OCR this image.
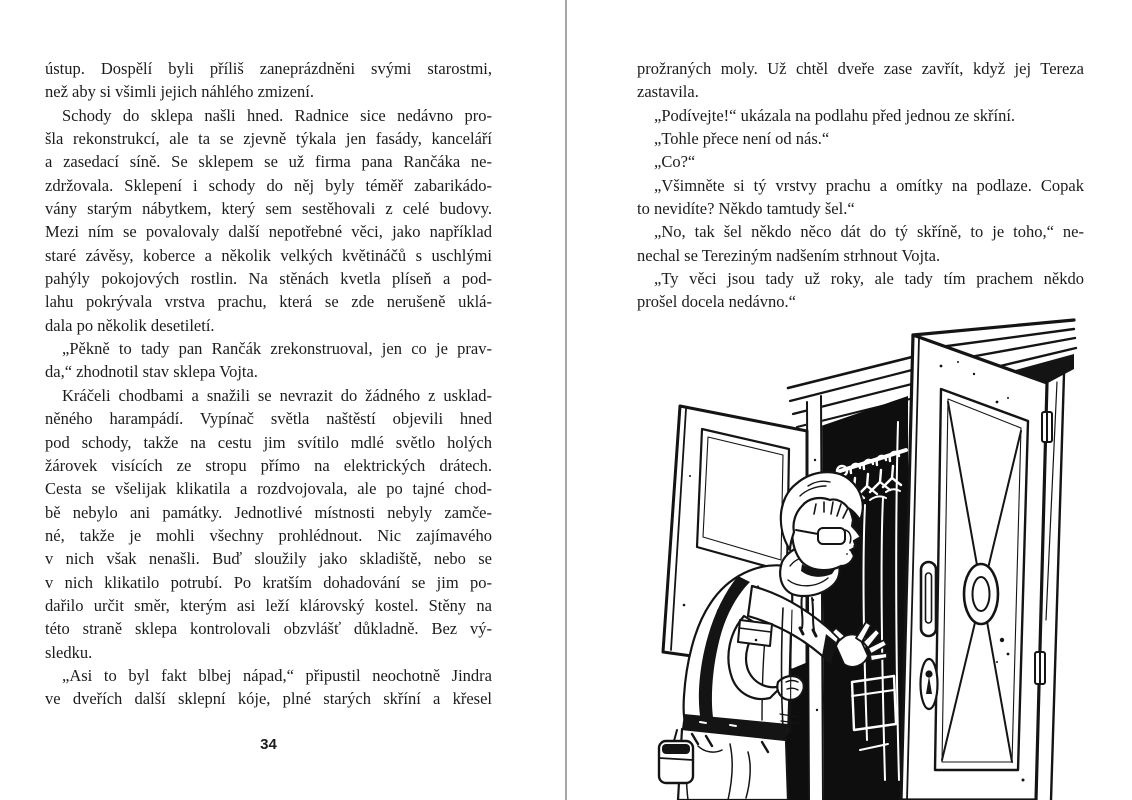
ústup. Dospělí byli příliš zaneprázdněni svými starostmi,
než aby si všimli jejich náhlého zmizení.
Schody do sklepa našli hned. Radnice sice nedávno pro-
šla rekonstrukcí, ale ta se zjevně týkala jen fasády, kanceláří
a zasedací síně. Se sklepem se už firma pana Rančáka ne-
zdržovala. Sklepení i schody do něj byly téměř zabarikádo-
vány starým nábytkem, který sem sestěhovali z celé budovy.
Mezi ním se povalovaly další nepotřebné věci, jako například
staré závěsy, koberce a několik velkých květináčů s uschlými
pahýly pokojových rostlin. Na stěnách kvetla plíseň a pod-
lahu pokrývala vrstva prachu, která se zde nerušeně uklá-
dala po několik desetiletí.
„Pěkně to tady pan Rančák zrekonstruoval, jen co je prav-
da,“ zhodnotil stav sklepa Vojta.
Kráčeli chodbami a snažili se nevrazit do žádného z usklad-
něného harampádí. Vypínač světla naštěstí objevili hned
pod schody, takže na cestu jim svítilo mdlé světlo holých
žárovek visících ze stropu přímo na elektrických drátech.
Cesta se všelijak klikatila a rozdvojovala, ale po tajné chod-
bě nebylo ani památky. Jednotlivé místnosti nebyly zamče-
né, takže je mohli všechny prohlédnout. Nic zajímavého
v nich však nenašli. Buď sloužily jako skladiště, nebo se
v nich klikatilo potrubí. Po kratším dohadování se jim po-
dařilo určit směr, kterým asi leží klárovský kostel. Stěny na
této straně sklepa kontrolovali obzvlášť důkladně. Bez vý-
sledku.
„Asi to byl fakt blbej nápad,“ připustil neochotně Jindra
ve dveřích další sklepní kóje, plné starých skříní a křesel
34
prožraných moly. Už chtěl dveře zase zavřít, když jej Tereza
zastavila.
„Podívejte!“ ukázala na podlahu před jednou ze skříní.
„Tohle přece není od nás.“
„Co?“
„Všimněte si tý vrstvy prachu a omítky na podlaze. Copak
to nevidíte? Někdo tamtudy šel.“
„No, tak šel někdo něco dát do tý skříně, to je toho,“ ne-
nechal se Tereziným nadšením strhnout Vojta.
„Ty věci jsou tady už roky, ale tady tím prachem někdo
prošel docela nedávno.“
